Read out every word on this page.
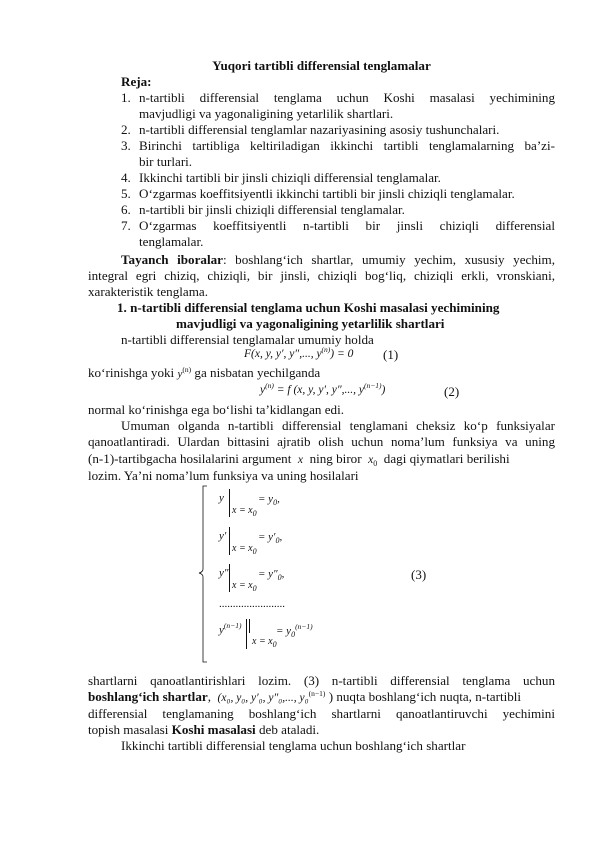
Yuqori tartibli differensial tenglamalar
Reja:
1. n-tartibli differensial tenglama uchun Koshi masalasi yechimining
mavjudligi va yagonaligining yetarlilik shartlari.
2. n-tartibli differensial tenglamlar nazariyasining asosiy tushunchalari.
3. Birinchi tartibliga keltiriladigan ikkinchi tartibli tenglamalarning ba’zi-
bir turlari.
4. Ikkinchi tartibli bir jinsli chiziqli differensial tenglamalar.
5. O‘zgarmas koeffitsiyentli ikkinchi tartibli bir jinsli chiziqli tenglamalar.
6. n-tartibli bir jinsli chiziqli differensial tenglamalar.
7. O‘zgarmas koeffitsiyentli n-tartibli bir jinsli chiziqli differensial
tenglamalar.
Tayanch iboralar: boshlang‘ich shartlar, umumiy yechim, xususiy yechim,
integral egri chiziq, chiziqli, bir jinsli, chiziqli bog‘liq, chiziqli erkli, vronskiani,
xarakteristik tenglama.
1. n-tartibli differensial tenglama uchun Koshi masalasi yechimining
mavjudligi va yagonaligining yetarlilik shartlari
n-tartibli differensial tenglamalar umumiy holda
F(x, y, y′, y″,..., $y^{(n)}) = 0$ (1)
ko‘rinishga yoki $y^{(n)}$ ga nisbatan yechilganda
$y^{(n)} = f$ (x, y, y′, y″,..., $y^{(n-1)}$)	(2)
normal ko‘rinishga ega bo‘lishi ta’kidlangan edi.
Umuman olganda n-tartibli differensial tenglamani cheksiz ko‘p funksiyalar
qanoatlantiradi. Ulardan bittasini ajratib olish uchun noma’lum funksiya va uning
(n-1)-tartibgacha hosilalarini argument x ning biror $x_0$ dagi qiymatlari berilishi
lozim. Ya’ni noma’lum funksiya va uning hosilalari
y
$x = x_0$
= $y_0$,
y′
$x = x_0$
= $y'_0$,
y″
$x = x_0$
= $y''_0$,
........................
$y^{(n-1)}$
$x = x_0$
= $y_0^{(n-1)}$
(3)
shartlarni qanoatlantirishlari lozim. (3) n-tartibli differensial tenglama uchun
boshlang‘ich shartlar,  (x₀, y₀, y′₀, y″₀,..., y₀$^{(n-1)}$ ) nuqta boshlang‘ich nuqta, n-tartibli
differensial tenglamaning boshlang‘ich shartlarni qanoatlantiruvchi yechimini
topish masalasi Koshi masalasi deb ataladi.
Ikkinchi tartibli differensial tenglama uchun boshlang‘ich shartlar
